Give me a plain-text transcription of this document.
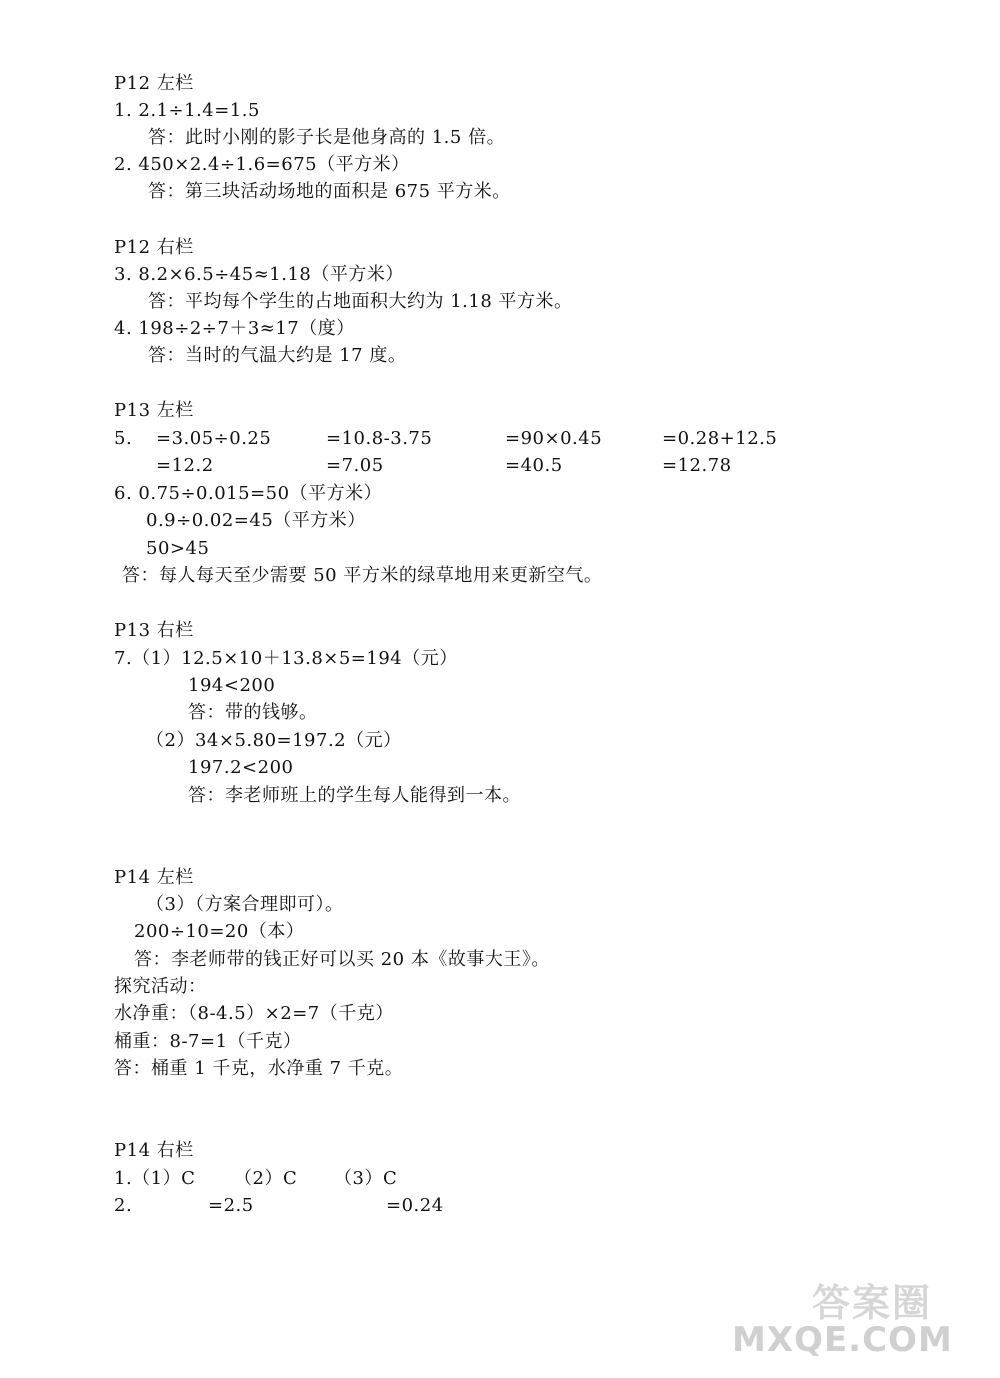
P12 左栏
1. 2.1÷1.4=1.5
答：此时小刚的影子长是他身高的 1.5 倍。
2. 450×2.4÷1.6=675（平方米）
答：第三块活动场地的面积是 675 平方米。
P12 右栏
3. 8.2×6.5÷45≈1.18（平方米）
答：平均每个学生的占地面积大约为 1.18 平方米。
4. 198÷2÷7＋3≈17（度）
答：当时的气温大约是 17 度。
P13 左栏
5. =3.05÷0.25	=10.8-3.75	=90×0.45	=0.28+12.5
=12.2	=7.05	=40.5	=12.78
6. 0.75÷0.015=50（平方米）
0.9÷0.02=45（平方米）
50>45
答：每人每天至少需要 50 平方米的绿草地用来更新空气。
P13 右栏
7.（1）12.5×10＋13.8×5=194（元）
194<200
答：带的钱够。
（2）34×5.80=197.2（元）
197.2<200
答：李老师班上的学生每人能得到一本。
P14 左栏
（3）（方案合理即可）。
200÷10=20（本）
答：李老师带的钱正好可以买 20 本《故事大王》。
探究活动：
水净重：（8-4.5）×2=7（千克）
桶重：8-7=1（千克）
答：桶重 1 千克，水净重 7 千克。
P14 右栏
1.（1）C （2）C （3）C
2.	=2.5	=0.24
答案圈
MXQE.COM
